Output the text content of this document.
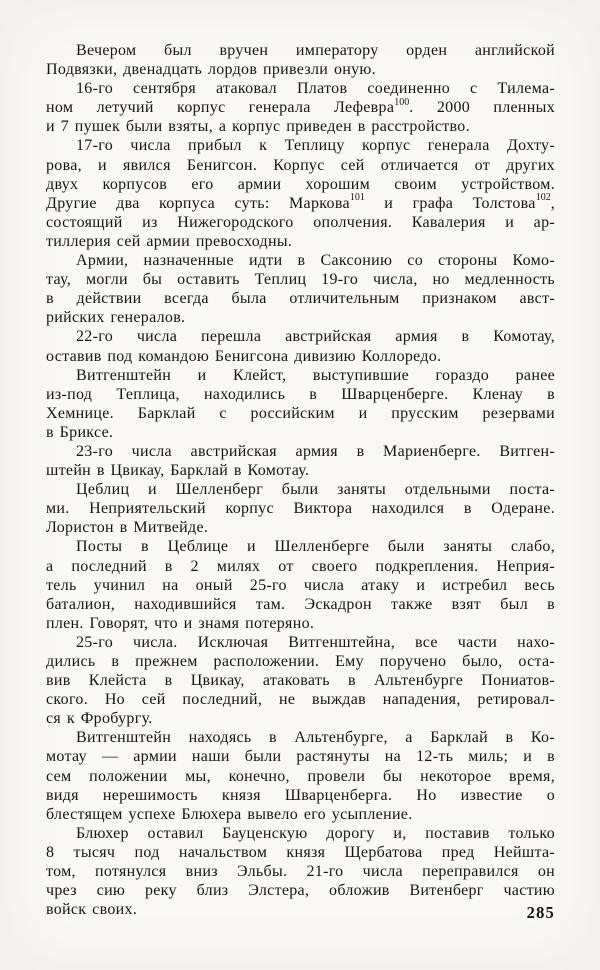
Вечером был вручен императору орден английской
Подвязки, двенадцать лордов привезли оную.
16-го сентября атаковал Платов соединенно с Тилема-
ном летучий корпус генерала Лефевра$^{100}$. 2000 пленных
и 7 пушек были взяты, а корпус приведен в расстройство.
17-го числа прибыл к Теплицу корпус генерала Дохту-
рова, и явился Бенигсон. Корпус сей отличается от других
двух корпусов его армии хорошим своим устройством.
Другие два корпуса суть: Маркова$^{101}$ и графа Толстова$^{102}$,
состоящий из Нижегородского ополчения. Кавалерия и ар-
тиллерия сей армии превосходны.
Армии, назначенные идти в Саксонию со стороны Комо-
тау, могли бы оставить Теплиц 19-го числа, но медленность
в действии всегда была отличительным признаком авст-
рийских генералов.
22-го числа перешла австрийская армия в Комотау,
оставив под командою Бенигсона дивизию Коллоредо.
Витгенштейн и Клейст, выступившие гораздо ранее
из-под Теплица, находились в Шварценберге. Кленау в
Хемнице. Барклай с российским и прусским резервами
в Бриксе.
23-го числа австрийская армия в Мариенберге. Витген-
штейн в Цвикау, Барклай в Комотау.
Цеблиц и Шелленберг были заняты отдельными поста-
ми. Неприятельский корпус Виктора находился в Одеране.
Лористон в Митвейде.
Посты в Цеблице и Шелленберге были заняты слабо,
а последний в 2 милях от своего подкрепления. Неприя-
тель учинил на оный 25-го числа атаку и истребил весь
баталион, находившийся там. Эскадрон также взят был в
плен. Говорят, что и знамя потеряно.
25-го числа. Исключая Витгенштейна, все части нахо-
дились в прежнем расположении. Ему поручено было, оста-
вив Клейста в Цвикау, атаковать в Альтенбурге Пониатов-
ского. Но сей последний, не выждав нападения, ретировал-
ся к Фробургу.
Витгенштейн находясь в Альтенбурге, а Барклай в Ко-
мотау — армии наши были растянуты на 12-ть миль; и в
сем положении мы, конечно, провели бы некоторое время,
видя нерешимость князя Шварценберга. Но известие о
блестящем успехе Блюхера вывело его усыпление.
Блюхер оставил Бауценскую дорогу и, поставив только
8 тысяч под начальством князя Щербатова пред Нейшта-
том, потянулся вниз Эльбы. 21-го числа переправился он
чрез сию реку близ Элстера, обложив Витенберг частию
войск своих.	285
